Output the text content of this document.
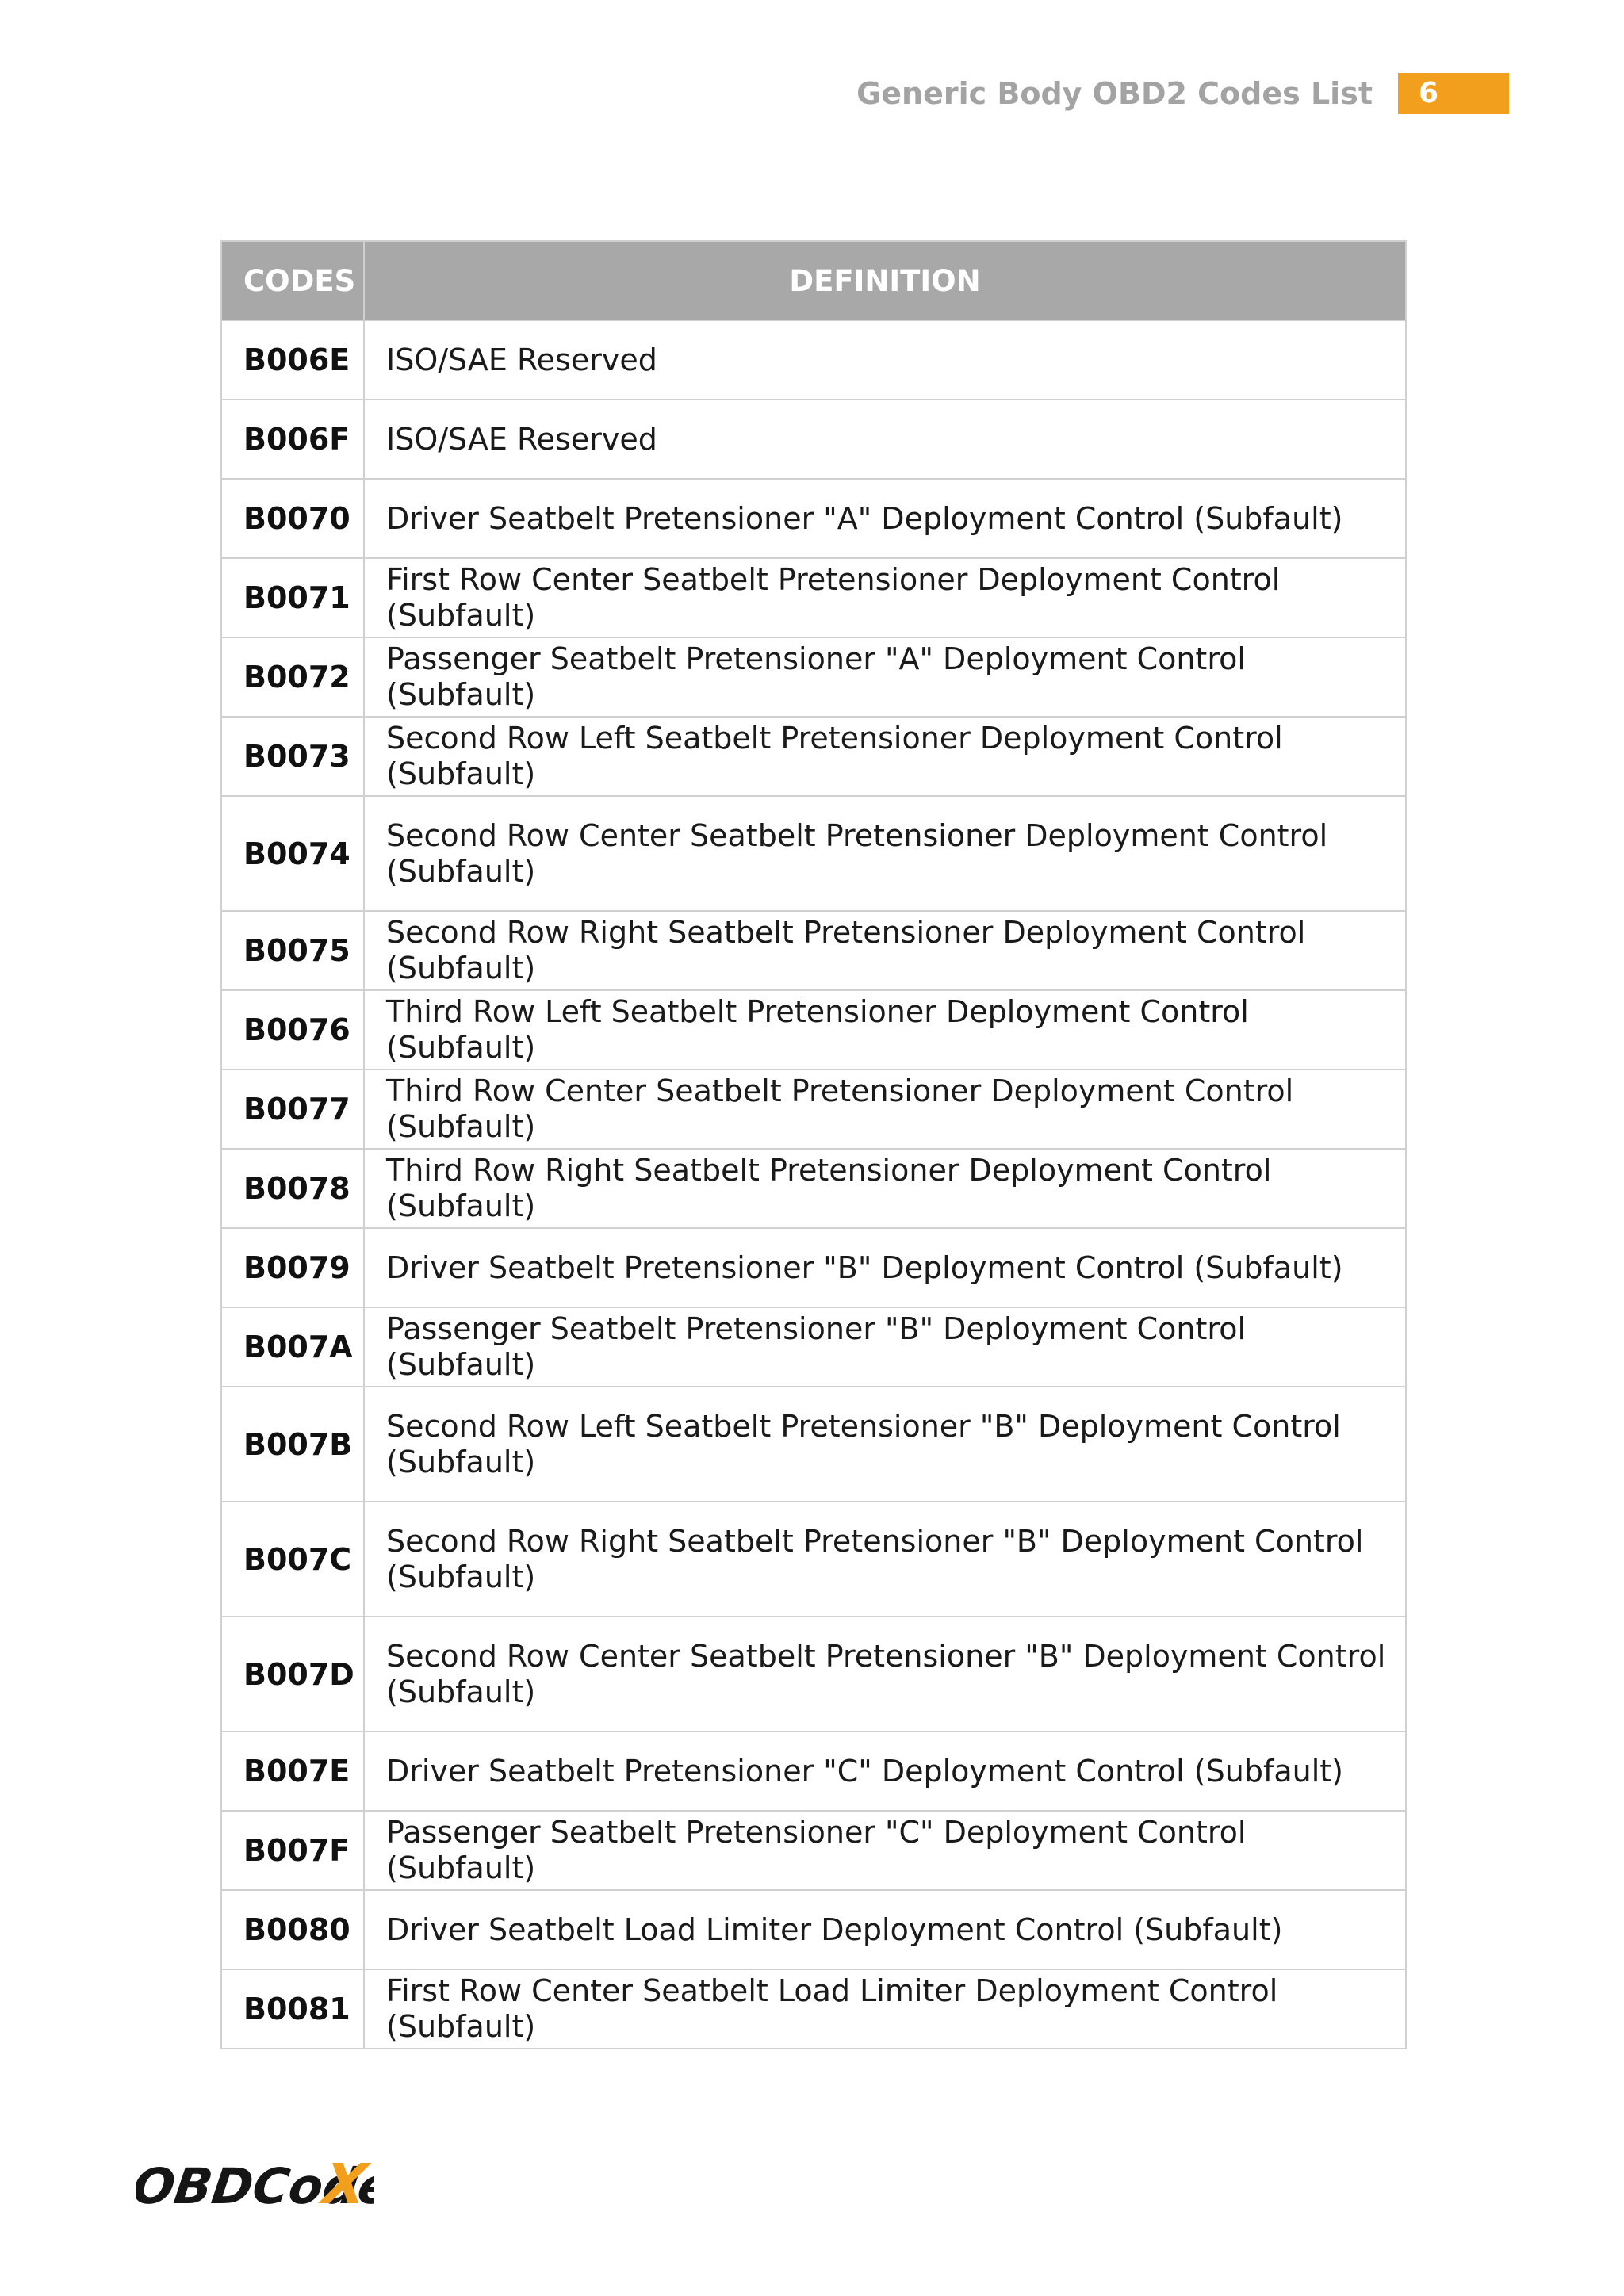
Generic Body OBD2 Codes List	6
CODES	DEFINITION
B006E	ISO/SAE Reserved
B006F	ISO/SAE Reserved
B0070	Driver Seatbelt Pretensioner "A" Deployment Control (Subfault)
B0071	First Row Center Seatbelt Pretensioner Deployment Control (Subfault)
B0072	Passenger Seatbelt Pretensioner "A" Deployment Control (Subfault)
B0073	Second Row Left Seatbelt Pretensioner Deployment Control (Subfault)
B0074	Second Row Center Seatbelt Pretensioner Deployment Control (Subfault)
B0075	Second Row Right Seatbelt Pretensioner Deployment Control (Subfault)
B0076	Third Row Left Seatbelt Pretensioner Deployment Control (Subfault)
B0077	Third Row Center Seatbelt Pretensioner Deployment Control (Subfault)
B0078	Third Row Right Seatbelt Pretensioner Deployment Control (Subfault)
B0079	Driver Seatbelt Pretensioner "B" Deployment Control (Subfault)
B007A	Passenger Seatbelt Pretensioner "B" Deployment Control (Subfault)
B007B	Second Row Left Seatbelt Pretensioner "B" Deployment Control (Subfault)
B007C	Second Row Right Seatbelt Pretensioner "B" Deployment Control (Subfault)
B007D	Second Row Center Seatbelt Pretensioner "B" Deployment Control (Subfault)
B007E	Driver Seatbelt Pretensioner "C" Deployment Control (Subfault)
B007F	Passenger Seatbelt Pretensioner "C" Deployment Control (Subfault)
B0080	Driver Seatbelt Load Limiter Deployment Control (Subfault)
B0081	First Row Center Seatbelt Load Limiter Deployment Control (Subfault)
OBDCode
X
